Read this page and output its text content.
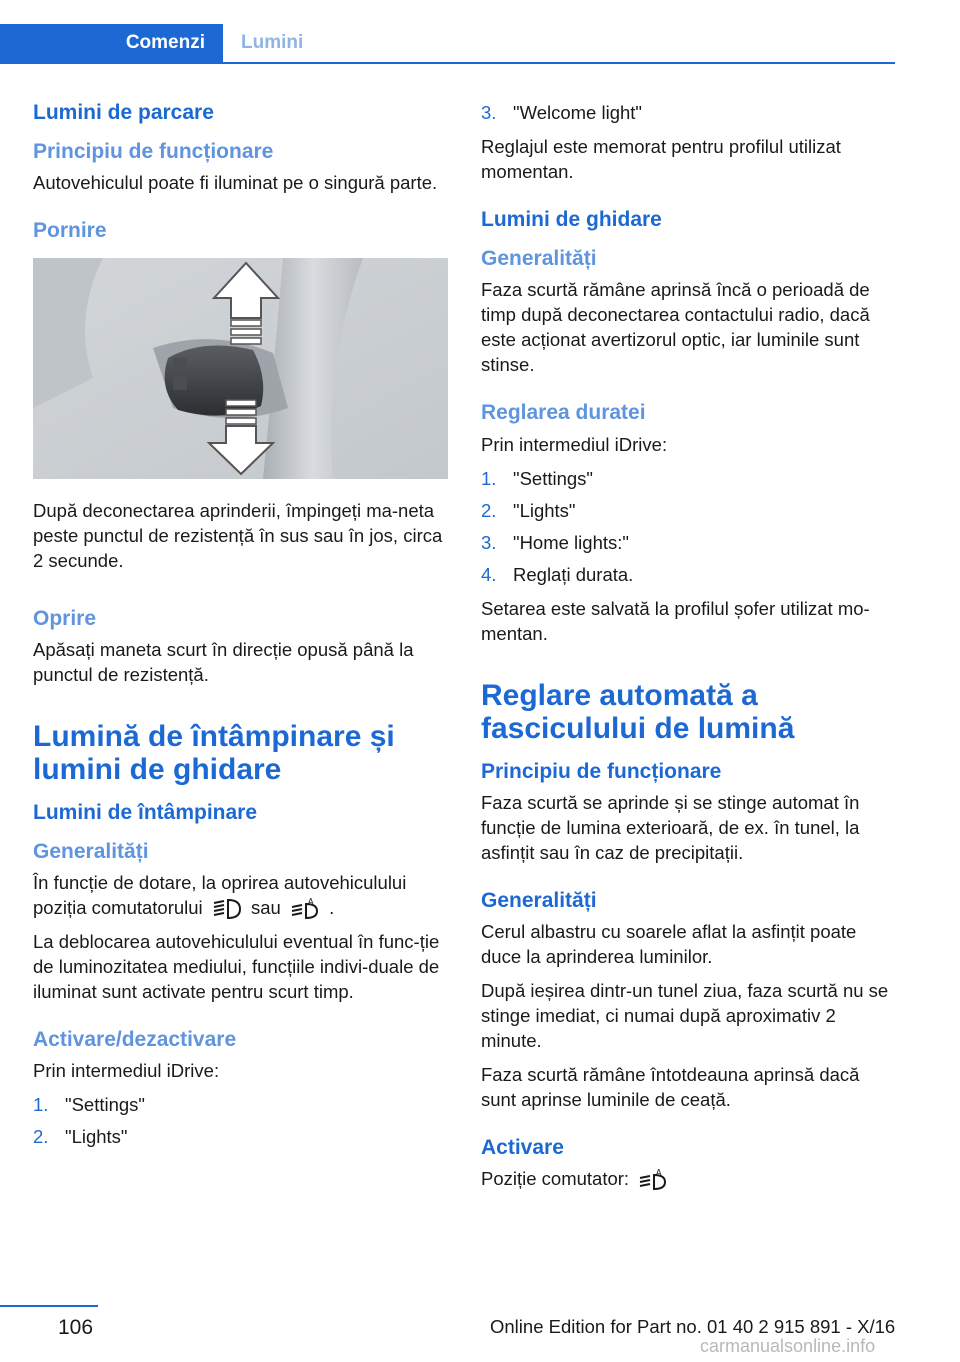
Comenzi	Lumini
Lumini de parcare
Principiu de funcționare

Autovehiculul poate fi iluminat pe o singură parte.

Pornire

După deconectarea aprinderii, împingeți ma-neta peste punctul de rezistență în sus sau în jos, circa 2 secunde.

Oprire

Apăsați maneta scurt în direcție opusă până la punctul de rezistență.

Lumină de întâmpinare și lumini de ghidare
Lumini de întâmpinare
Generalități

În funcție de dotare, la oprirea autovehiculului poziția comutatorului	sau	A .

La deblocarea autovehiculului eventual în func-ție de luminozitatea mediului, funcțiile indivi-duale de iluminat sunt activate pentru scurt timp.

Activare/dezactivare

Prin intermediul iDrive:

1. "Settings"
2. "Lights"
3. "Welcome light"

Reglajul este memorat pentru profilul utilizat momentan.

Lumini de ghidare
Generalități

Faza scurtă rămâne aprinsă încă o perioadă de timp după deconectarea contactului radio, dacă este acționat avertizorul optic, iar luminile sunt stinse.

Reglarea duratei

Prin intermediul iDrive:

1. "Settings"
2. "Lights"
3. "Home lights:"
4. Reglați durata.

Setarea este salvată la profilul șofer utilizat mo-mentan.

Reglare automată a fasciculului de lumină
Principiu de funcționare

Faza scurtă se aprinde și se stinge automat în funcție de lumina exterioară, de ex. în tunel, la asfințit sau în caz de precipitații.

Generalități

Cerul albastru cu soarele aflat la asfințit poate duce la aprinderea luminilor.

După ieșirea dintr-un tunel ziua, faza scurtă nu se stinge imediat, ci numai după aproximativ 2 minute.

Faza scurtă rămâne întotdeauna aprinsă dacă sunt aprinse luminile de ceață.

Activare

Poziție comutator:	A

106	Online Edition for Part no. 01 40 2 915 891 - X/16
carmanualsonline.info
